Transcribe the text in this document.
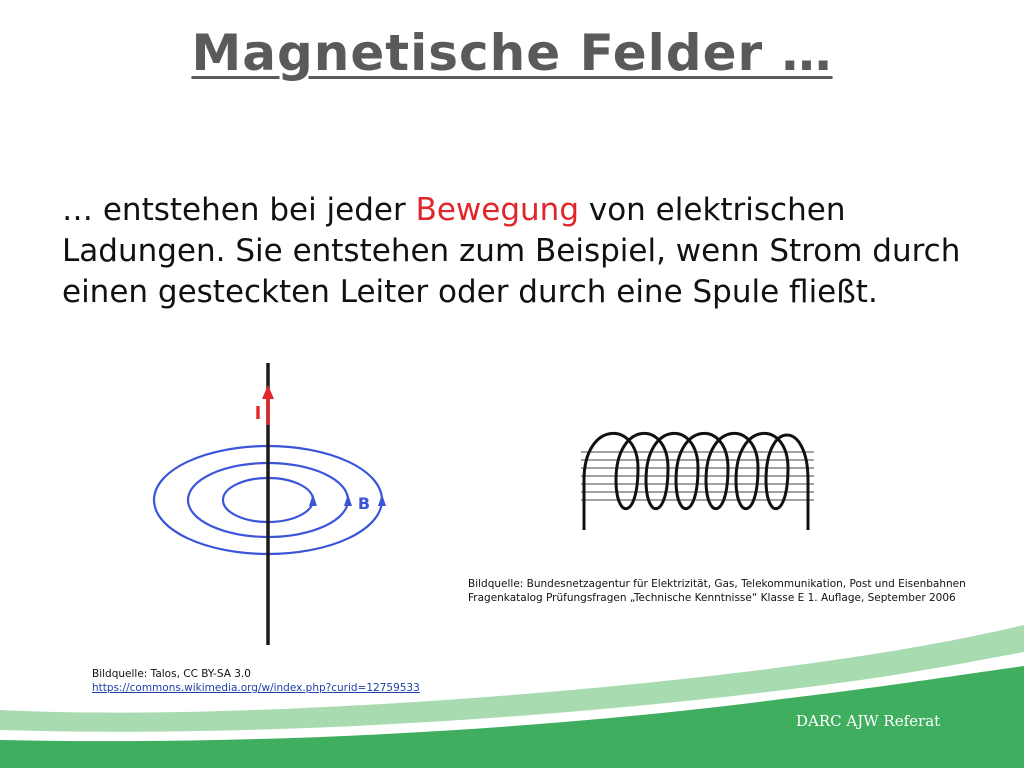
Magnetische Felder …
… entstehen bei jeder Bewegung von elektrischen Ladungen. Sie entstehen zum Beispiel, wenn Strom durch einen gesteckten Leiter oder durch eine Spule fließt.
I
B
Bildquelle: Bundesnetzagentur für Elektrizität, Gas, Telekommunikation, Post und Eisenbahnen
Fragenkatalog Prüfungsfragen „Technische Kenntnisse“ Klasse E 1. Auflage, September 2006
Bildquelle: Talos, CC BY-SA 3.0
https://commons.wikimedia.org/w/index.php?curid=12759533
DARC AJW Referat
